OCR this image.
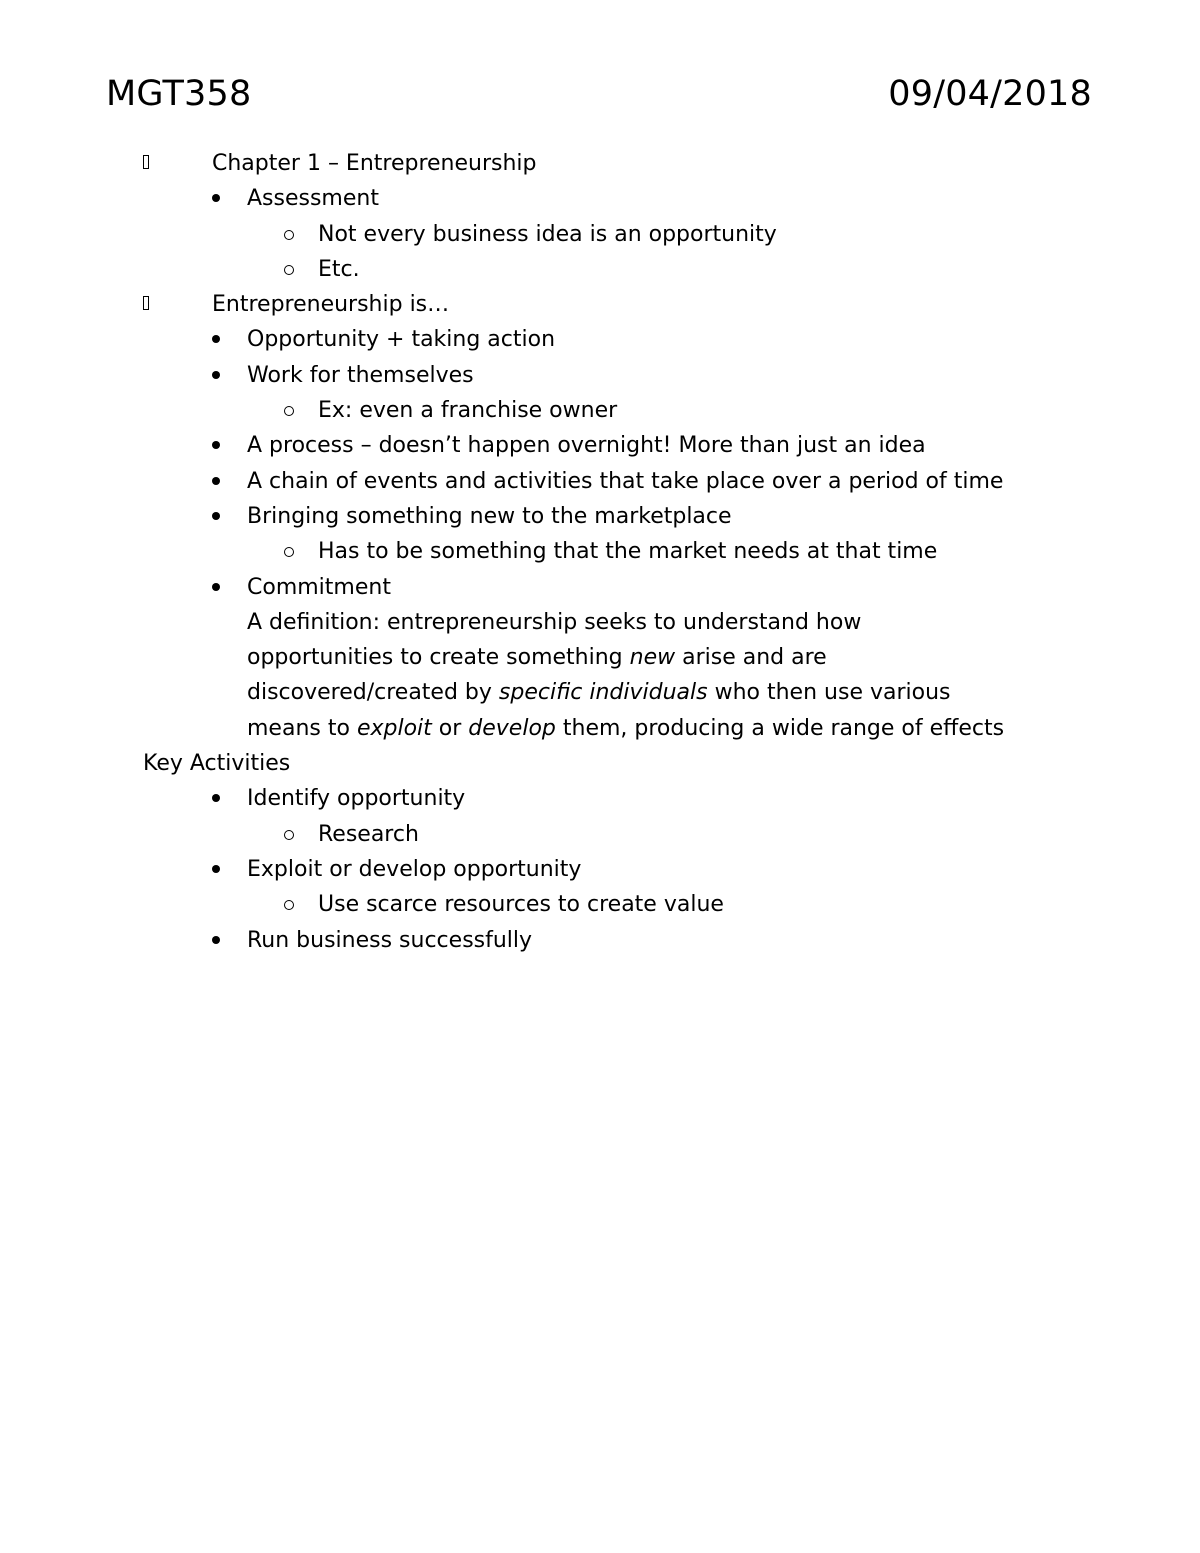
MGT358	09/04/2018
Chapter 1 – Entrepreneurship
Assessment
Not every business idea is an opportunity
Etc.
Entrepreneurship is…
Opportunity + taking action
Work for themselves
Ex: even a franchise owner
A process – doesn’t happen overnight! More than just an idea
A chain of events and activities that take place over a period of time
Bringing something new to the marketplace
Has to be something that the market needs at that time
Commitment
A definition: entrepreneurship seeks to understand how
opportunities to create something new arise and are
discovered/created by specific individuals who then use various
means to exploit or develop them, producing a wide range of effects
Key Activities
Identify opportunity
Research
Exploit or develop opportunity
Use scarce resources to create value
Run business successfully
